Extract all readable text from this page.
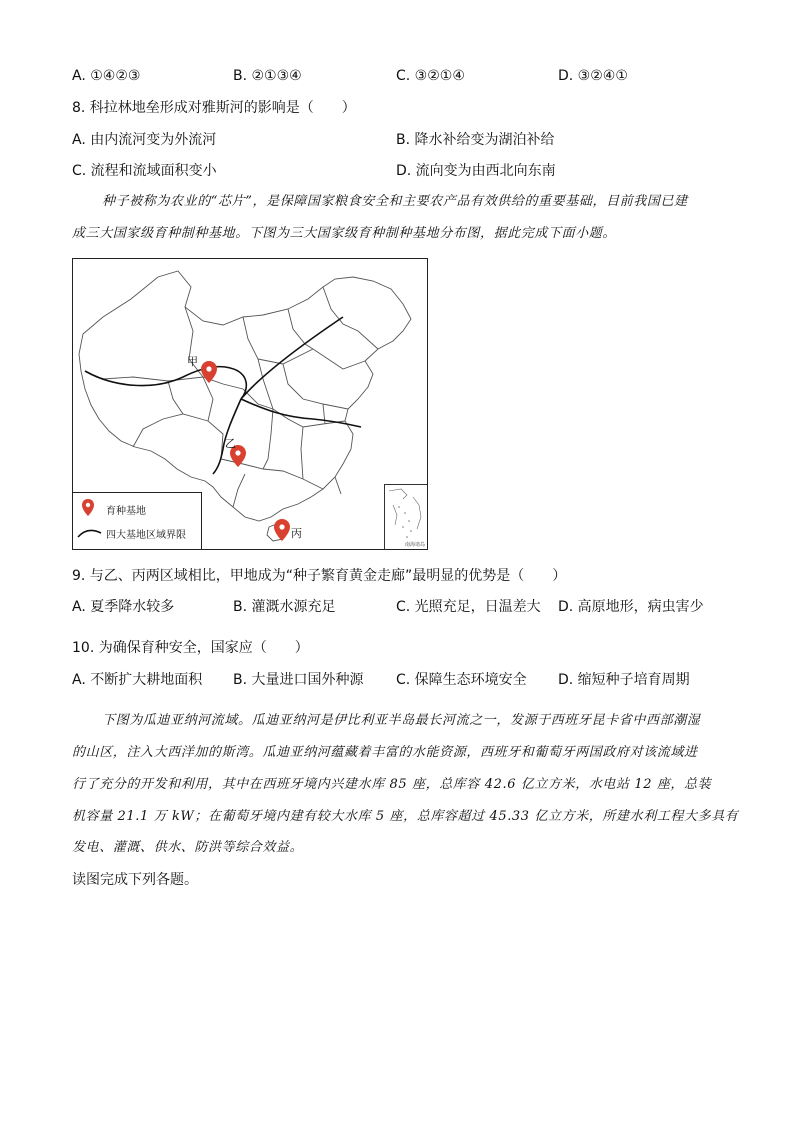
A. ①④②③	B. ②①③④	C. ③②①④	D. ③②④①
8. 科拉林地垒形成对雅斯河的影响是（　　）
A. 由内流河变为外流河	B. 降水补给变为湖泊补给
C. 流程和流域面积变小	D. 流向变为由西北向东南
种子被称为农业的“芯片”，是保障国家粮食安全和主要农产品有效供给的重要基础，目前我国已建
成三大国家级育种制种基地。下图为三大国家级育种制种基地分布图，据此完成下面小题。
甲
乙
丙
南海诸岛
育种基地
四大基地区域界限
9. 与乙、丙两区域相比，甲地成为“种子繁育黄金走廊”最明显的优势是（　　）
A. 夏季降水较多	B. 灌溉水源充足	C. 光照充足，日温差大 D. 高原地形，病虫害少
10. 为确保育种安全，国家应（　　）
A. 不断扩大耕地面积 B. 大量进口国外种源 C. 保障生态环境安全 D. 缩短种子培育周期
下图为瓜迪亚纳河流域。瓜迪亚纳河是伊比利亚半岛最长河流之一，发源于西班牙昆卡省中西部潮湿
的山区，注入大西洋加的斯湾。瓜迪亚纳河蕴藏着丰富的水能资源，西班牙和葡萄牙两国政府对该流域进
行了充分的开发和利用，其中在西班牙境内兴建水库 85 座，总库容 42.6 亿立方米，水电站 12 座，总装
机容量 21.1 万 kW；在葡萄牙境内建有较大水库 5 座，总库容超过 45.33 亿立方米，所建水利工程大多具有
发电、灌溉、供水、防洪等综合效益。
读图完成下列各题。
